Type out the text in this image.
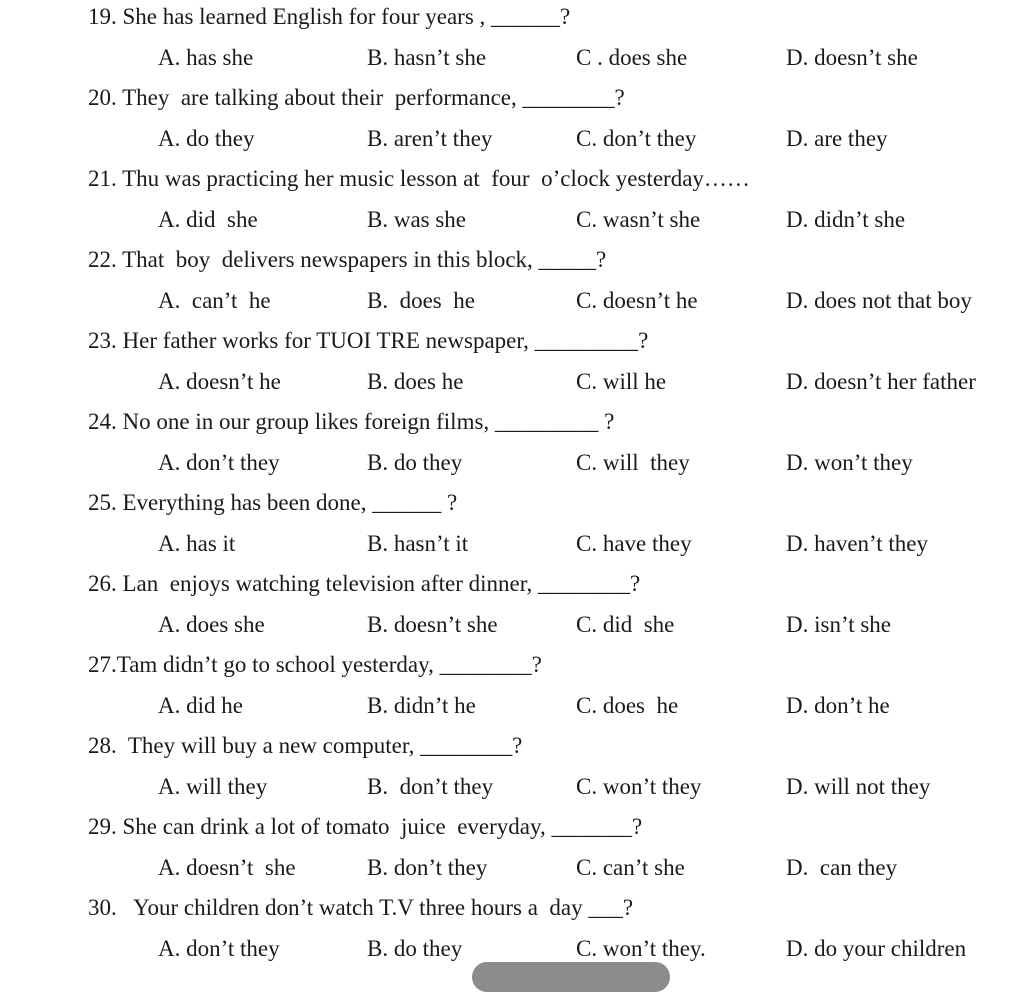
19. She has learned English for four years , ______?
A. has she	B. hasn’t she	C . does she	D. doesn’t she
20. They  are talking about their  performance, ________?
A. do they	B. aren’t they	C. don’t they	D. are they
21. Thu was practicing her music lesson at  four  o’clock yesterday……
A. did  she	B. was she	C. wasn’t she	D. didn’t she
22. That  boy  delivers newspapers in this block, _____?
A.  can’t  he	B.  does  he	C. doesn’t he	D. does not that boy
23. Her father works for TUOI TRE newspaper, _________?
A. doesn’t he	B. does he	C. will he	D. doesn’t her father
24. No one in our group likes foreign films, _________ ?
A. don’t they	B. do they	C. will  they	D. won’t they
25. Everything has been done, ______ ?
A. has it	B. hasn’t it	C. have they	D. haven’t they
26. Lan  enjoys watching television after dinner, ________?
A. does she	B. doesn’t she	C. did  she	D. isn’t she
27.Tam didn’t go to school yesterday, ________?
A. did he	B. didn’t he	C. does  he	D. don’t he
28.  They will buy a new computer, ________?
A. will they	B.  don’t they	C. won’t they	D. will not they
29. She can drink a lot of tomato  juice  everyday, _______?
A. doesn’t  she	B. don’t they	C. can’t she	D.  can they
30.   Your children don’t watch T.V three hours a  day ___?
A. don’t they	B. do they	C. won’t they.	D. do your children
